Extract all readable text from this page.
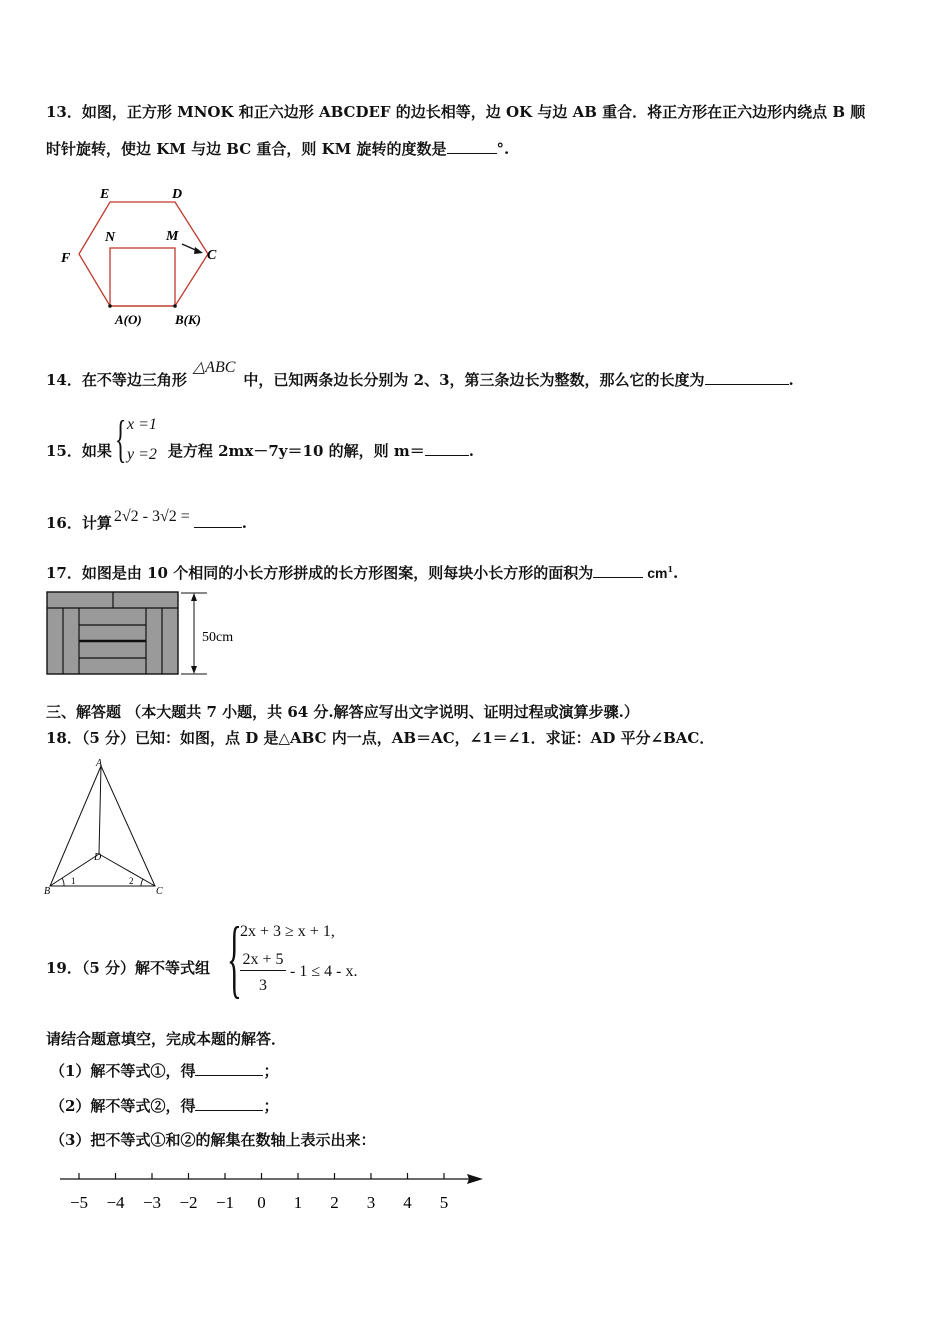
13．如图，正方形 MNOK 和正六边形 ABCDEF 的边长相等，边 OK 与边 AB 重合．将正方形在正六边形内绕点 B 顺
时针旋转，使边 KM 与边 BC 重合，则 KM 旋转的度数是	°.
E	D
F	C
N	M
A(O)	B(K)
14．在不等边三角形△ABC中，已知两条边长分别为 2、3，第三条边长为整数，那么它的长度为	.
15．如果	是方程 2mx－7y＝10 的解，则 m＝	.
{ x =1
y =2
16．计算 2√2 - 3√2 =	.
17．如图是由 10 个相同的小长方形拼成的长方形图案，则每块小长方形的面积为	$cm^1$.
50cm
三、解答题 （本大题共 7 小题，共 64 分.解答应写出文字说明、证明过程或演算步骤.）
18．（5 分）已知：如图，点 D 是△ABC 内一点，AB＝AC，∠1＝∠1．求证：AD 平分∠BAC．
A
B	C
D
1	2
19．（5 分）解不等式组 {
2x + 3 ≥ x + 1,
2x + 5
3
- 1 ≤ 4 - x.
请结合题意填空，完成本题的解答．
（1）解不等式①，得	；
（2）解不等式②，得	；
（3）把不等式①和②的解集在数轴上表示出来：
−5 −4 −3 −2 −1 0 1 2 3 4 5
